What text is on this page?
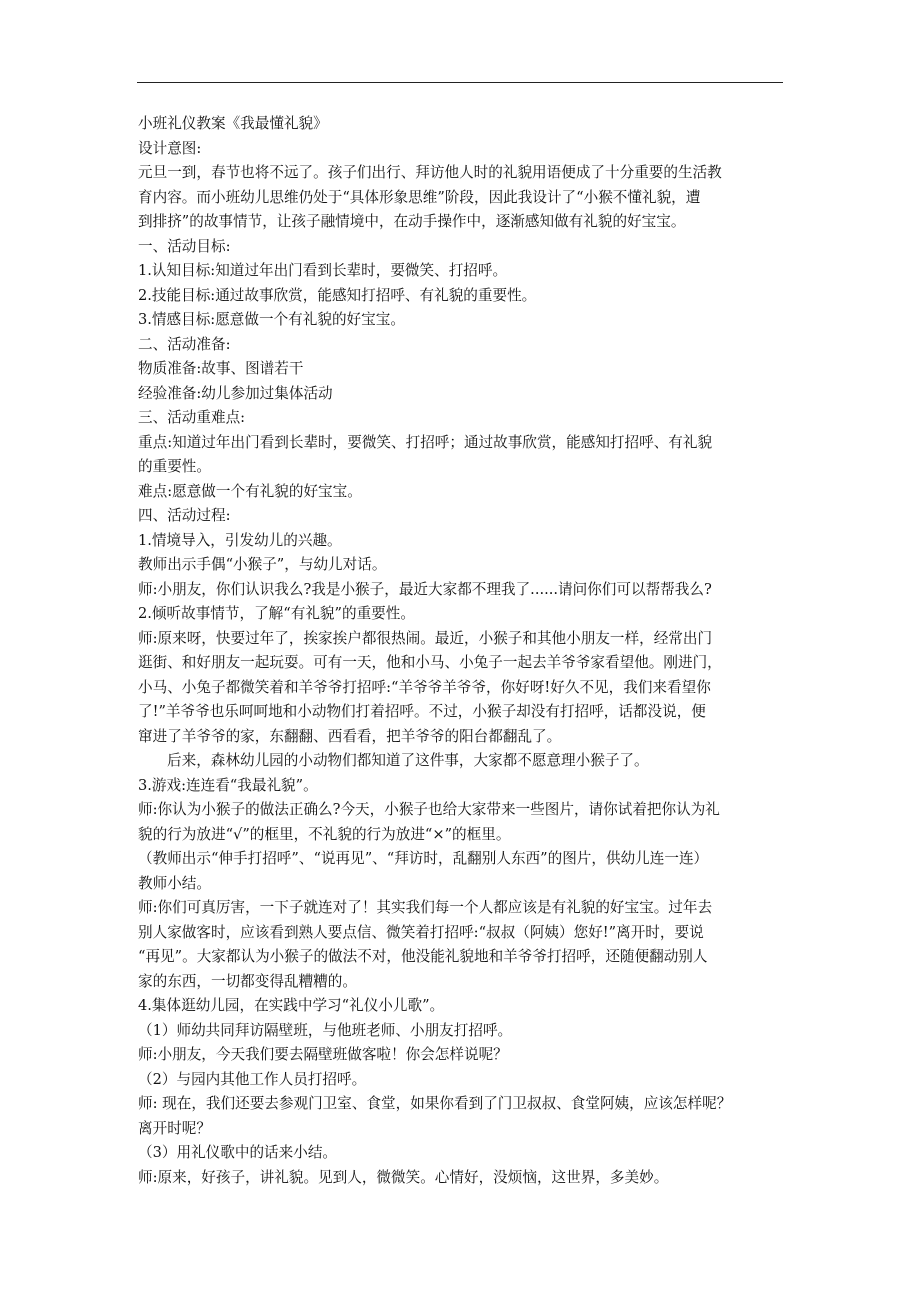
小班礼仪教案《我最懂礼貌》

设计意图:

元旦一到，春节也将不远了。孩子们出行、拜访他人时的礼貌用语便成了十分重要的生活教

育内容。而小班幼儿思维仍处于“具体形象思维”阶段，因此我设计了“小猴不懂礼貌，遭

到排挤”的故事情节，让孩子融情境中，在动手操作中，逐渐感知做有礼貌的好宝宝。

一、活动目标:

1.认知目标:知道过年出门看到长辈时，要微笑、打招呼。

2.技能目标:通过故事欣赏，能感知打招呼、有礼貌的重要性。

3.情感目标:愿意做一个有礼貌的好宝宝。

二、活动准备:

物质准备:故事、图谱若干

经验准备:幼儿参加过集体活动

三、活动重难点:

重点:知道过年出门看到长辈时，要微笑、打招呼；通过故事欣赏，能感知打招呼、有礼貌

的重要性。

难点:愿意做一个有礼貌的好宝宝。

四、活动过程:

1.情境导入，引发幼儿的兴趣。

教师出示手偶“小猴子”，与幼儿对话。

师:小朋友，你们认识我么?我是小猴子，最近大家都不理我了......请问你们可以帮帮我么?

2.倾听故事情节，了解“有礼貌”的重要性。

师:原来呀，快要过年了，挨家挨户都很热闹。最近，小猴子和其他小朋友一样，经常出门

逛街、和好朋友一起玩耍。可有一天，他和小马、小兔子一起去羊爷爷家看望他。刚进门，

小马、小兔子都微笑着和羊爷爷打招呼:“羊爷爷羊爷爷，你好呀!好久不见，我们来看望你

了!”羊爷爷也乐呵呵地和小动物们打着招呼。不过，小猴子却没有打招呼，话都没说，便

窜进了羊爷爷的家，东翻翻、西看看，把羊爷爷的阳台都翻乱了。

后来，森林幼儿园的小动物们都知道了这件事，大家都不愿意理小猴子了。

3.游戏:连连看“我最礼貌”。

师:你认为小猴子的做法正确么?今天，小猴子也给大家带来一些图片，请你试着把你认为礼

貌的行为放进“√”的框里，不礼貌的行为放进“×”的框里。

（教师出示“伸手打招呼”、“说再见”、“拜访时，乱翻别人东西”的图片，供幼儿连一连）

教师小结。

师:你们可真厉害，一下子就连对了！其实我们每一个人都应该是有礼貌的好宝宝。过年去

别人家做客时，应该看到熟人要点信、微笑着打招呼:“叔叔（阿姨）您好!”离开时，要说

“再见”。大家都认为小猴子的做法不对，他没能礼貌地和羊爷爷打招呼，还随便翻动别人

家的东西，一切都变得乱糟糟的。

4.集体逛幼儿园，在实践中学习“礼仪小儿歌”。

（1）师幼共同拜访隔壁班，与他班老师、小朋友打招呼。

师:小朋友，今天我们要去隔壁班做客啦！你会怎样说呢？

（2）与园内其他工作人员打招呼。

师: 现在，我们还要去参观门卫室、食堂，如果你看到了门卫叔叔、食堂阿姨，应该怎样呢？

离开时呢？

（3）用礼仪歌中的话来小结。

师:原来，好孩子，讲礼貌。见到人，微微笑。心情好，没烦恼，这世界，多美妙。
